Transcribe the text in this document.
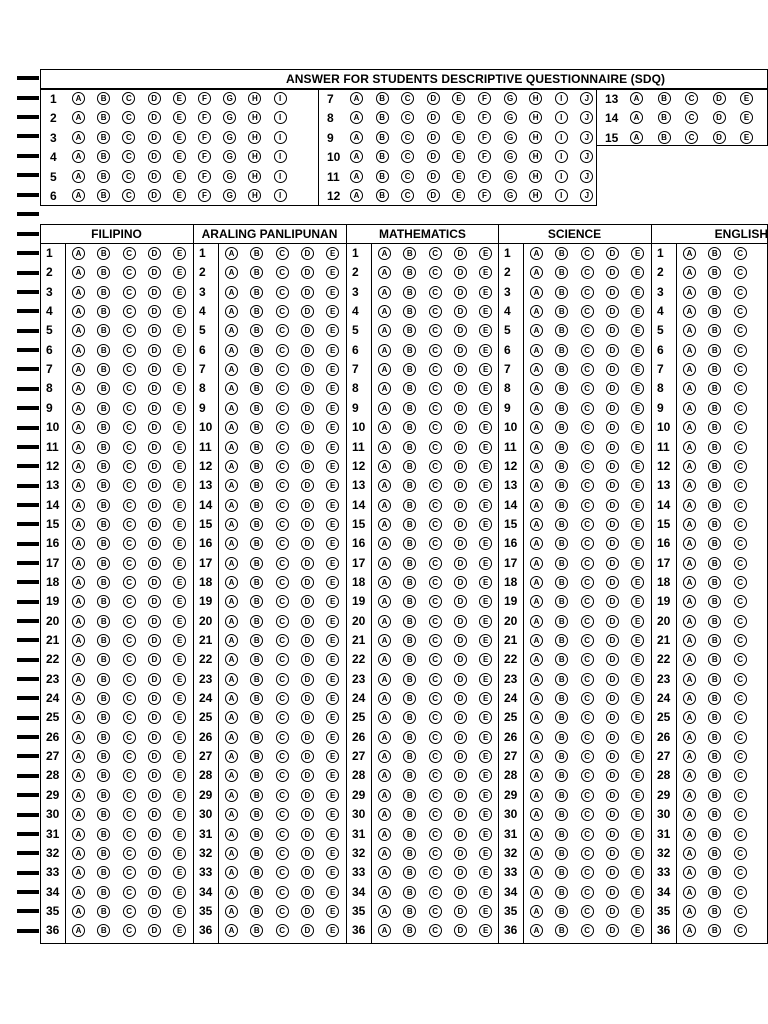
ANSWER FOR STUDENTS DESCRIPTIVE QUESTIONNAIRE (SDQ)
1	A	B	C	D	E	F	G	H	I
2	A	B	C	D	E	F	G	H	I
3	A	B	C	D	E	F	G	H	I
4	A	B	C	D	E	F	G	H	I
5	A	B	C	D	E	F	G	H	I
6	A	B	C	D	E	F	G	H	I
7	A	B	C	D	E	F	G	H	I	J
8	A	B	C	D	E	F	G	H	I	J
9	A	B	C	D	E	F	G	H	I	J
10	A	B	C	D	E	F	G	H	I	J
11	A	B	C	D	E	F	G	H	I	J
12	A	B	C	D	E	F	G	H	I	J
13	A	B	C	D	E
14	A	B	C	D	E
15	A	B	C	D	E
FILIPINO
1	A	B	C	D	E
2	A	B	C	D	E
3	A	B	C	D	E
4	A	B	C	D	E
5	A	B	C	D	E
6	A	B	C	D	E
7	A	B	C	D	E
8	A	B	C	D	E
9	A	B	C	D	E
10	A	B	C	D	E
11	A	B	C	D	E
12	A	B	C	D	E
13	A	B	C	D	E
14	A	B	C	D	E
15	A	B	C	D	E
16	A	B	C	D	E
17	A	B	C	D	E
18	A	B	C	D	E
19	A	B	C	D	E
20	A	B	C	D	E
21	A	B	C	D	E
22	A	B	C	D	E
23	A	B	C	D	E
24	A	B	C	D	E
25	A	B	C	D	E
26	A	B	C	D	E
27	A	B	C	D	E
28	A	B	C	D	E
29	A	B	C	D	E
30	A	B	C	D	E
31	A	B	C	D	E
32	A	B	C	D	E
33	A	B	C	D	E
34	A	B	C	D	E
35	A	B	C	D	E
36	A	B	C	D	E
ARALING PANLIPUNAN
1	A	B	C	D	E
2	A	B	C	D	E
3	A	B	C	D	E
4	A	B	C	D	E
5	A	B	C	D	E
6	A	B	C	D	E
7	A	B	C	D	E
8	A	B	C	D	E
9	A	B	C	D	E
10	A	B	C	D	E
11	A	B	C	D	E
12	A	B	C	D	E
13	A	B	C	D	E
14	A	B	C	D	E
15	A	B	C	D	E
16	A	B	C	D	E
17	A	B	C	D	E
18	A	B	C	D	E
19	A	B	C	D	E
20	A	B	C	D	E
21	A	B	C	D	E
22	A	B	C	D	E
23	A	B	C	D	E
24	A	B	C	D	E
25	A	B	C	D	E
26	A	B	C	D	E
27	A	B	C	D	E
28	A	B	C	D	E
29	A	B	C	D	E
30	A	B	C	D	E
31	A	B	C	D	E
32	A	B	C	D	E
33	A	B	C	D	E
34	A	B	C	D	E
35	A	B	C	D	E
36	A	B	C	D	E
MATHEMATICS
1	A	B	C	D	E
2	A	B	C	D	E
3	A	B	C	D	E
4	A	B	C	D	E
5	A	B	C	D	E
6	A	B	C	D	E
7	A	B	C	D	E
8	A	B	C	D	E
9	A	B	C	D	E
10	A	B	C	D	E
11	A	B	C	D	E
12	A	B	C	D	E
13	A	B	C	D	E
14	A	B	C	D	E
15	A	B	C	D	E
16	A	B	C	D	E
17	A	B	C	D	E
18	A	B	C	D	E
19	A	B	C	D	E
20	A	B	C	D	E
21	A	B	C	D	E
22	A	B	C	D	E
23	A	B	C	D	E
24	A	B	C	D	E
25	A	B	C	D	E
26	A	B	C	D	E
27	A	B	C	D	E
28	A	B	C	D	E
29	A	B	C	D	E
30	A	B	C	D	E
31	A	B	C	D	E
32	A	B	C	D	E
33	A	B	C	D	E
34	A	B	C	D	E
35	A	B	C	D	E
36	A	B	C	D	E
SCIENCE
1	A	B	C	D	E
2	A	B	C	D	E
3	A	B	C	D	E
4	A	B	C	D	E
5	A	B	C	D	E
6	A	B	C	D	E
7	A	B	C	D	E
8	A	B	C	D	E
9	A	B	C	D	E
10	A	B	C	D	E
11	A	B	C	D	E
12	A	B	C	D	E
13	A	B	C	D	E
14	A	B	C	D	E
15	A	B	C	D	E
16	A	B	C	D	E
17	A	B	C	D	E
18	A	B	C	D	E
19	A	B	C	D	E
20	A	B	C	D	E
21	A	B	C	D	E
22	A	B	C	D	E
23	A	B	C	D	E
24	A	B	C	D	E
25	A	B	C	D	E
26	A	B	C	D	E
27	A	B	C	D	E
28	A	B	C	D	E
29	A	B	C	D	E
30	A	B	C	D	E
31	A	B	C	D	E
32	A	B	C	D	E
33	A	B	C	D	E
34	A	B	C	D	E
35	A	B	C	D	E
36	A	B	C	D	E
ENGLISH
1	A	B	C
2	A	B	C
3	A	B	C
4	A	B	C
5	A	B	C
6	A	B	C
7	A	B	C
8	A	B	C
9	A	B	C
10	A	B	C
11	A	B	C
12	A	B	C
13	A	B	C
14	A	B	C
15	A	B	C
16	A	B	C
17	A	B	C
18	A	B	C
19	A	B	C
20	A	B	C
21	A	B	C
22	A	B	C
23	A	B	C
24	A	B	C
25	A	B	C
26	A	B	C
27	A	B	C
28	A	B	C
29	A	B	C
30	A	B	C
31	A	B	C
32	A	B	C
33	A	B	C
34	A	B	C
35	A	B	C
36	A	B	C
